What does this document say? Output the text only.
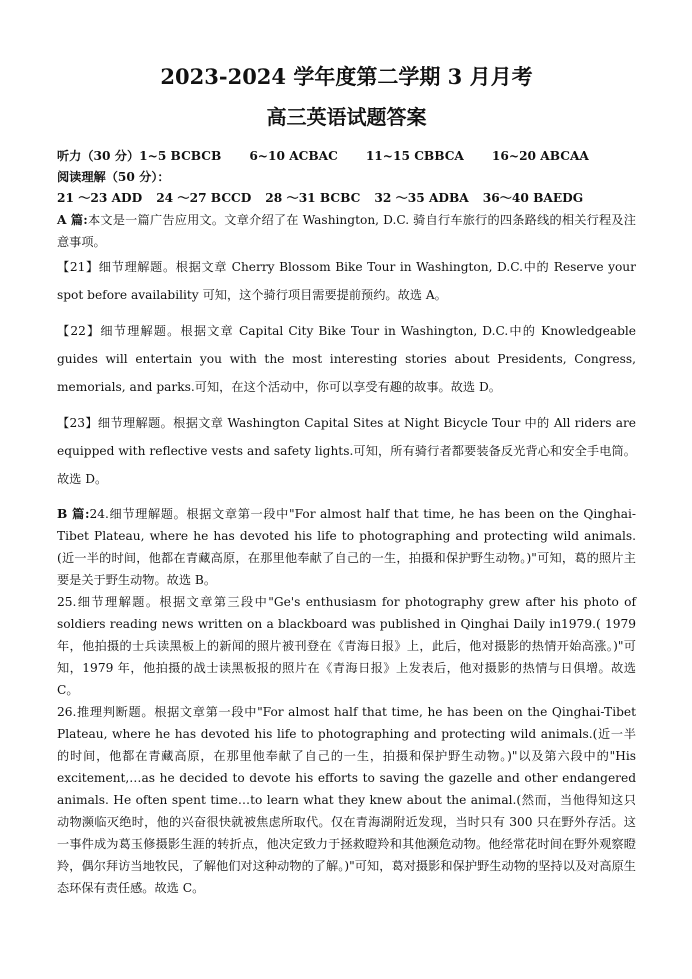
2023-2024 学年度第二学期 3 月月考
高三英语试题答案

听力（30 分）1~5 BCBCB 6~10 ACBAC 11~15 CBBCA 16~20 ABCAA

阅读理解（50 分）：

21 ～23 ADD 24 ～27 BCCD 28 ～31 BCBC 32 ～35 ADBA 36～40 BAEDG

A 篇:本文是一篇广告应用文。文章介绍了在 Washington, D.C. 骑自行车旅行的四条路线的相关行程及注意事项。

【21】细节理解题。根据文章 Cherry Blossom Bike Tour in Washington, D.C.中的 Reserve your spot before availability 可知，这个骑行项目需要提前预约。故选 A。

【22】细节理解题。根据文章 Capital City Bike Tour in Washington, D.C.中的 Knowledgeable guides will entertain you with the most interesting stories about Presidents, Congress, memorials, and parks.可知，在这个活动中，你可以享受有趣的故事。故选 D。

【23】细节理解题。根据文章 Washington Capital Sites at Night Bicycle Tour 中的 All riders are equipped with reflective vests and safety lights.可知，所有骑行者都要装备反光背心和安全手电筒。故选 D。

B 篇:24.细节理解题。根据文章第一段中"For almost half that time, he has been on the Qinghai-Tibet Plateau, where he has devoted his life to photographing and protecting wild animals.(近一半的时间，他都在青藏高原，在那里他奉献了自己的一生，拍摄和保护野生动物。)"可知，葛的照片主要是关于野生动物。故选 B。

25.细节理解题。根据文章第三段中"Ge's enthusiasm for photography grew after his photo of soldiers reading news written on a blackboard was published in Qinghai Daily in1979.( 1979 年，他拍摄的士兵读黑板上的新闻的照片被刊登在《青海日报》上，此后，他对摄影的热情开始高涨。)"可知，1979 年，他拍摄的战士读黑板报的照片在《青海日报》上发表后，他对摄影的热情与日俱增。故选 C。

26.推理判断题。根据文章第一段中"For almost half that time, he has been on the Qinghai-Tibet Plateau, where he has devoted his life to photographing and protecting wild animals.(近一半的时间，他都在青藏高原，在那里他奉献了自己的一生，拍摄和保护野生动物。)"以及第六段中的"His excitement,…as he decided to devote his efforts to saving the gazelle and other endangered animals. He often spent time…to learn what they knew about the animal.(然而，当他得知这只动物濒临灭绝时，他的兴奋很快就被焦虑所取代。仅在青海湖附近发现，当时只有 300 只在野外存活。这一事件成为葛玉修摄影生涯的转折点，他决定致力于拯救瞪羚和其他濒危动物。他经常花时间在野外观察瞪羚，偶尔拜访当地牧民，了解他们对这种动物的了解。)"可知，葛对摄影和保护野生动物的坚持以及对高原生态环保有责任感。故选 C。
